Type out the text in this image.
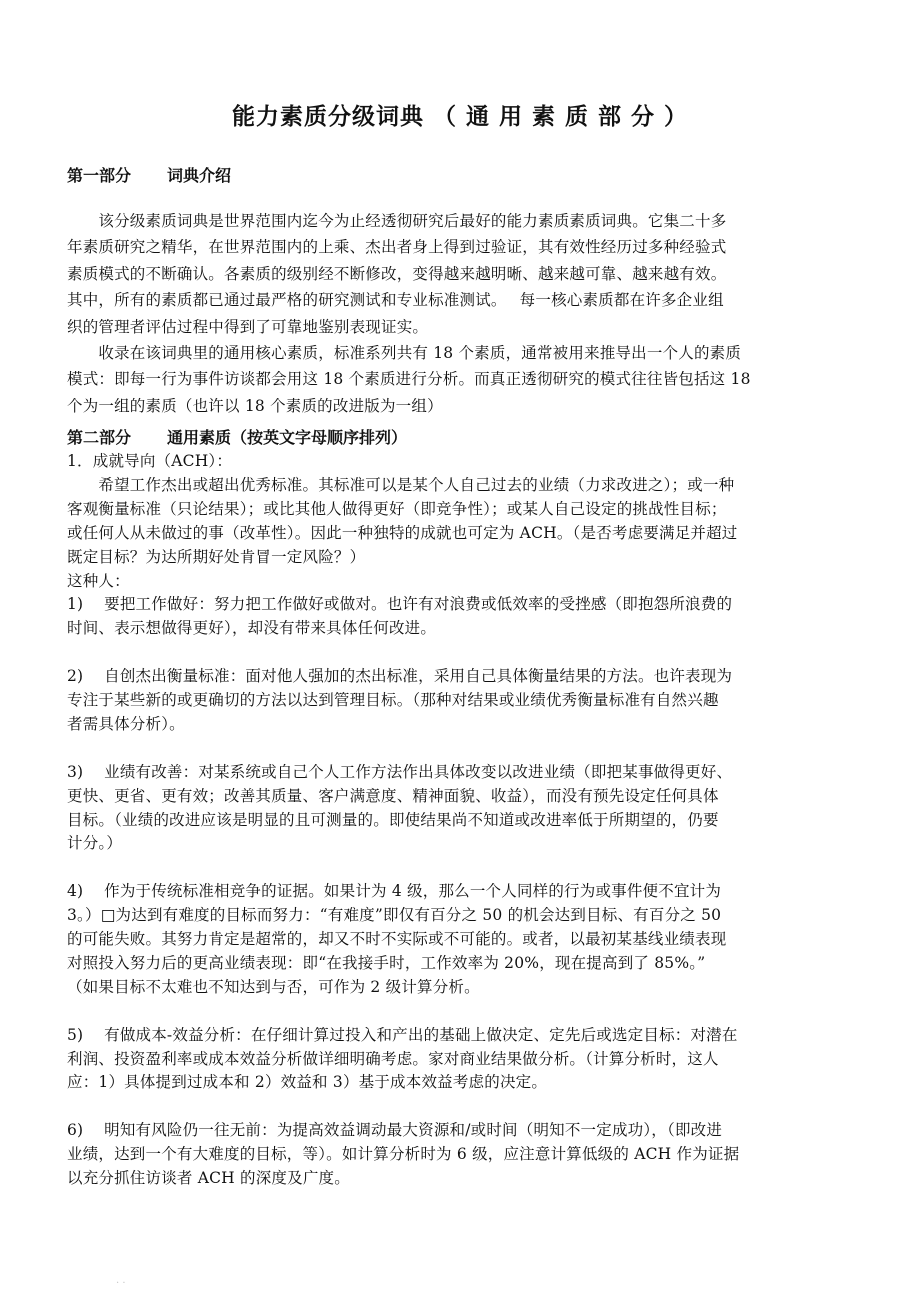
能力素质分级词典 （ 通 用 素 质 部 分 ）
第一部分 词典介绍
　　该分级素质词典是世界范围内迄今为止经透彻研究后最好的能力素质素质词典。它集二十多
年素质研究之精华，在世界范围内的上乘、杰出者身上得到过验证，其有效性经历过多种经验式
素质模式的不断确认。各素质的级别经不断修改，变得越来越明晰、越来越可靠、越来越有效。
其中，所有的素质都已通过最严格的研究测试和专业标准测试。　 每一核心素质都在许多企业组
织的管理者评估过程中得到了可靠地鉴别表现证实。
　　收录在该词典里的通用核心素质，标准系列共有 18 个素质，通常被用来推导出一个人的素质
模式：即每一行为事件访谈都会用这 18 个素质进行分析。而真正透彻研究的模式往往皆包括这 18
个为一组的素质（也许以 18 个素质的改进版为一组）
第二部分 通用素质（按英文字母顺序排列）
1．成就导向（ACH）：
　　希望工作杰出或超出优秀标准。其标准可以是某个人自己过去的业绩（力求改进之）；或一种
客观衡量标准（只论结果）；或比其他人做得更好（即竞争性）；或某人自己设定的挑战性目标；
或任何人从未做过的事（改革性）。因此一种独特的成就也可定为 ACH。（是否考虑要满足并超过
既定目标？为达所期好处肯冒一定风险？）
这种人：
1)　 要把工作做好：努力把工作做好或做对。也许有对浪费或低效率的受挫感（即抱怨所浪费的
时间、表示想做得更好），却没有带来具体任何改进。
2)　 自创杰出衡量标准：面对他人强加的杰出标准，采用自己具体衡量结果的方法。也许表现为
专注于某些新的或更确切的方法以达到管理目标。（那种对结果或业绩优秀衡量标准有自然兴趣
者需具体分析）。
3)　 业绩有改善：对某系统或自己个人工作方法作出具体改变以改进业绩（即把某事做得更好、
更快、更省、更有效；改善其质量、客户满意度、精神面貌、收益），而没有预先设定任何具体
目标。（业绩的改进应该是明显的且可测量的。即使结果尚不知道或改进率低于所期望的，仍要
计分。）
4)　 作为于传统标准相竞争的证据。如果计为 4 级，那么一个人同样的行为或事件便不宜计为
3。）□为达到有难度的目标而努力：“有难度”即仅有百分之 50 的机会达到目标、有百分之 50
的可能失败。其努力肯定是超常的，却又不时不实际或不可能的。或者，以最初某基线业绩表现
对照投入努力后的更高业绩表现：即“在我接手时，工作效率为 20%，现在提高到了 85%。”
（如果目标不太难也不知达到与否，可作为 2 级计算分析。
5)　 有做成本-效益分析：在仔细计算过投入和产出的基础上做决定、定先后或选定目标：对潜在
利润、投资盈利率或成本效益分析做详细明确考虑。家对商业结果做分析。（计算分析时，这人
应：1）具体提到过成本和 2）效益和 3）基于成本效益考虑的决定。
6)　 明知有风险仍一往无前：为提高效益调动最大资源和/或时间（明知不一定成功），（即改进
业绩，达到一个有大难度的目标，等）。如计算分析时为 6 级，应注意计算低级的 ACH 作为证据
以充分抓住访谈者 ACH 的深度及广度。
· ·
